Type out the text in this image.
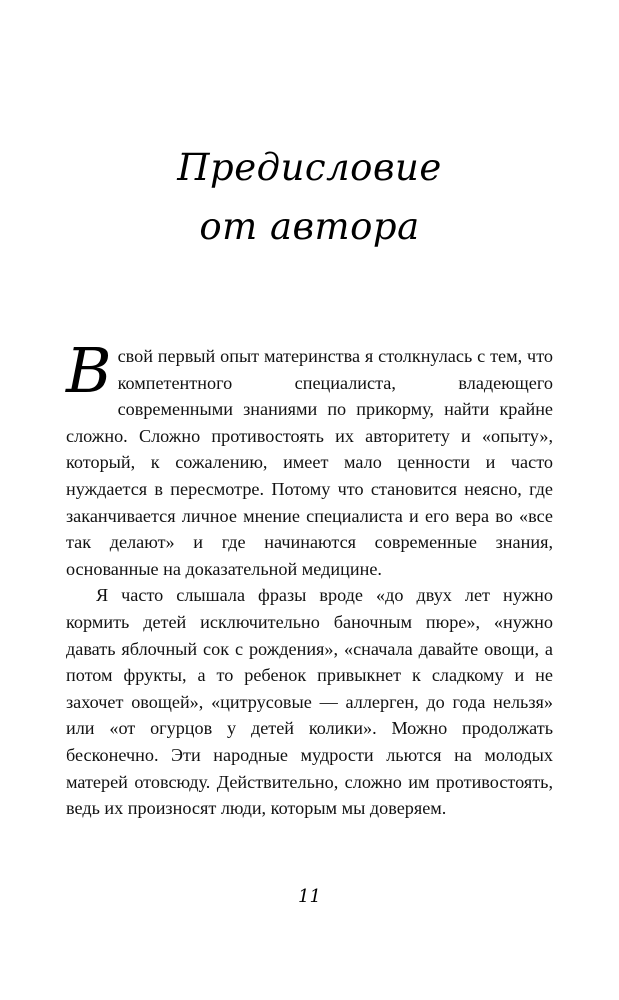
Предисловие
от автора

Всвой первый опыт материнства я столкнулась с тем, что компетентного специалиста, владеющего современными знаниями по прикорму, найти крайне сложно. Сложно противостоять их авторитету и «опыту», который, к сожалению, имеет мало ценности и часто нуждается в пересмотре. Потому что становится неясно, где заканчивается личное мнение специалиста и его вера во «все так делают» и где начинаются современные знания, основанные на доказательной медицине.

Я часто слышала фразы вроде «до двух лет нужно кормить детей исключительно баночным пюре», «нужно давать яблочный сок с рождения», «сначала давайте овощи, а потом фрукты, а то ребенок привыкнет к сладкому и не захочет овощей», «цитрусовые — аллерген, до года нельзя» или «от огурцов у детей колики». Можно продолжать бесконечно. Эти народные мудрости льются на молодых матерей отовсюду. Действительно, сложно им противостоять, ведь их произносят люди, которым мы доверяем.

11
